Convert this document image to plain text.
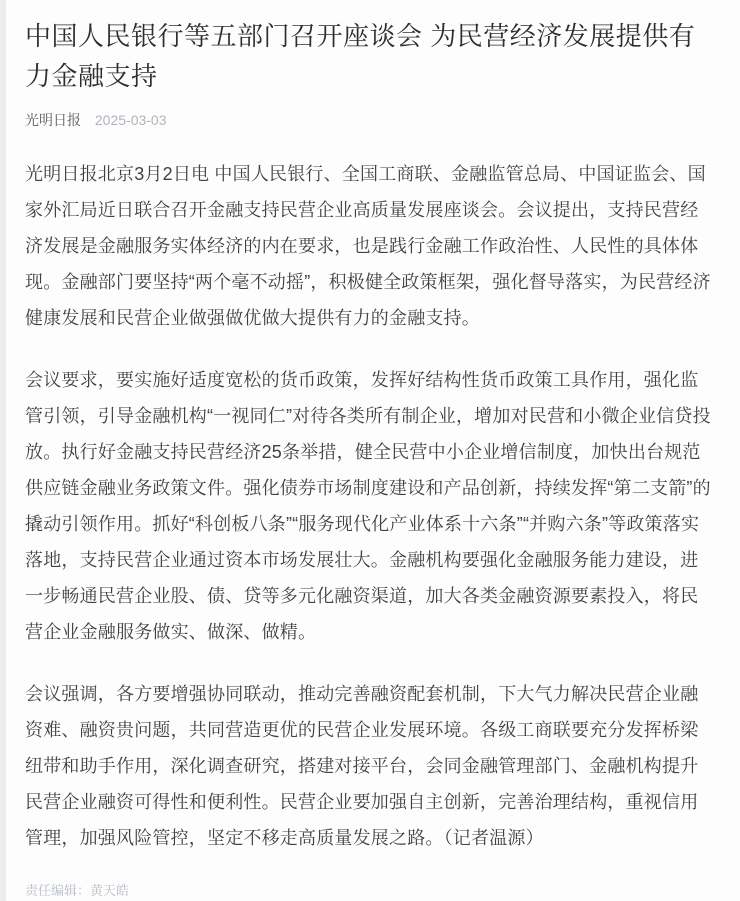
中国人民银行等五部门召开座谈会 为民营经济发展提供有力金融支持
光明日报 2025-03-03

光明日报北京3月2日电 中国人民银行、全国工商联、金融监管总局、中国证监会、国家外汇局近日联合召开金融支持民营企业高质量发展座谈会。会议提出，支持民营经济发展是金融服务实体经济的内在要求，也是践行金融工作政治性、人民性的具体体现。金融部门要坚持“两个毫不动摇”，积极健全政策框架，强化督导落实，为民营经济健康发展和民营企业做强做优做大提供有力的金融支持。

会议要求，要实施好适度宽松的货币政策，发挥好结构性货币政策工具作用，强化监管引领，引导金融机构“一视同仁”对待各类所有制企业，增加对民营和小微企业信贷投放。执行好金融支持民营经济25条举措，健全民营中小企业增信制度，加快出台规范供应链金融业务政策文件。强化债券市场制度建设和产品创新，持续发挥“第二支箭”的撬动引领作用。抓好“科创板八条”“服务现代化产业体系十六条”“并购六条”等政策落实落地，支持民营企业通过资本市场发展壮大。金融机构要强化金融服务能力建设，进一步畅通民营企业股、债、贷等多元化融资渠道，加大各类金融资源要素投入，将民营企业金融服务做实、做深、做精。

会议强调，各方要增强协同联动，推动完善融资配套机制，下大气力解决民营企业融资难、融资贵问题，共同营造更优的民营企业发展环境。各级工商联要充分发挥桥梁纽带和助手作用，深化调查研究，搭建对接平台，会同金融管理部门、金融机构提升民营企业融资可得性和便利性。民营企业要加强自主创新，完善治理结构，重视信用管理，加强风险管控，坚定不移走高质量发展之路。（记者温源）

责任编辑：黄天皓
